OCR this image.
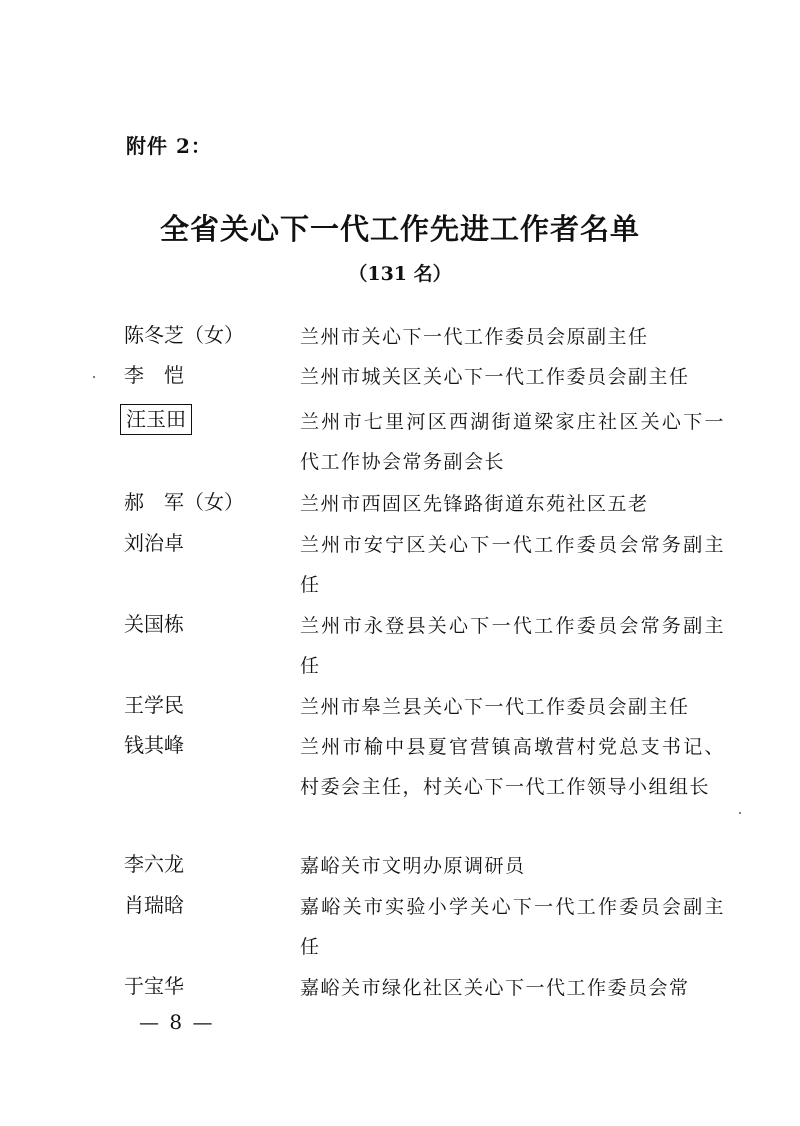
附件 2：
全省关心下一代工作先进工作者名单
（131 名）
陈冬芝（女）	兰州市关心下一代工作委员会原副主任
李　恺	兰州市城关区关心下一代工作委员会副主任
汪玉田	兰州市七里河区西湖街道梁家庄社区关心下一代工作协会常务副会长
郝　军（女）	兰州市西固区先锋路街道东苑社区五老
刘治卓	兰州市安宁区关心下一代工作委员会常务副主任
关国栋	兰州市永登县关心下一代工作委员会常务副主任
王学民	兰州市皋兰县关心下一代工作委员会副主任
钱其峰	兰州市榆中县夏官营镇高墩营村党总支书记、村委会主任，村关心下一代工作领导小组组长
李六龙	嘉峪关市文明办原调研员
肖瑞晗	嘉峪关市实验小学关心下一代工作委员会副主任
于宝华	嘉峪关市绿化社区关心下一代工作委员会常
— 8 —
